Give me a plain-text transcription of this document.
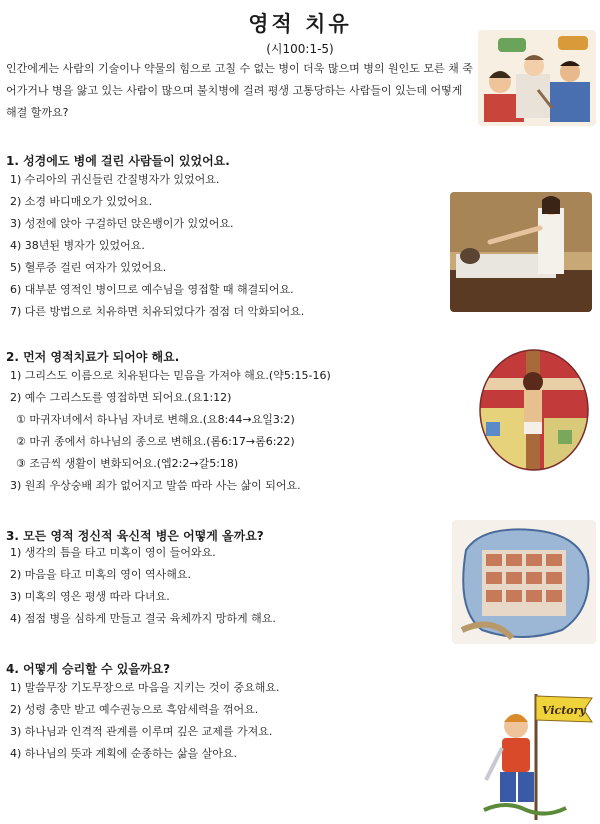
영적 치유
(시100:1-5)
인간에게는 사람의 기술이나 약물의 힘으로 고칠 수 없는 병이 더욱 많으며 병의 원인도 모른 채 죽어가거나 병을 앓고 있는 사람이 많으며 불치병에 걸려 평생 고통당하는 사람들이 있는데 어떻게 해결 할까요?
1. 성경에도 병에 걸린 사람들이 있었어요.
1) 수리아의 귀신들린 간질병자가 있었어요.
2) 소경 바디매오가 있었어요.
3) 성전에 앉아 구걸하던 앉은뱅이가 있었어요.
4) 38년된 병자가 있었어요.
5) 혈루증 걸린 여자가 있었어요.
6) 대부분 영적인 병이므로 예수님을 영접할 때 해결되어요.
7) 다른 방법으로 치유하면 치유되었다가 점점 더 악화되어요.
2. 먼저 영적치료가 되어야 해요.
1) 그리스도 이름으로 치유된다는 믿음을 가져야 해요.(약5:15-16)
2) 예수 그리스도를 영접하면 되어요.(요1:12)
① 마귀자녀에서 하나님 자녀로 변해요.(요8:44→요일3:2)
② 마귀 종에서 하나님의 종으로 변해요.(롬6:17→롬6:22)
③ 조금씩 생활이 변화되어요.(엡2:2→갈5:18)
3) 원죄 우상숭배 죄가 없어지고 말씀 따라 사는 삶이 되어요.
3. 모든 영적 정신적 육신적 병은 어떻게 올까요?
1) 생각의 틈을 타고 미혹이 영이 들어와요.
2) 마음을 타고 미혹의 영이 역사해요.
3) 미혹의 영은 평생 따라 다녀요.
4) 점점 병을 심하게 만들고 결국 육체까지 망하게 해요.
4. 어떻게 승리할 수 있을까요?
1) 말씀무장 기도무장으로 마음을 지키는 것이 중요해요.
2) 성령 충만 받고 예수권능으로 흑암세력을 꺾어요.
3) 하나님과 인격적 관계를 이루며 깊은 교제를 가져요.
4) 하나님의 뜻과 계획에 순종하는 삶을 살아요.
Victory
